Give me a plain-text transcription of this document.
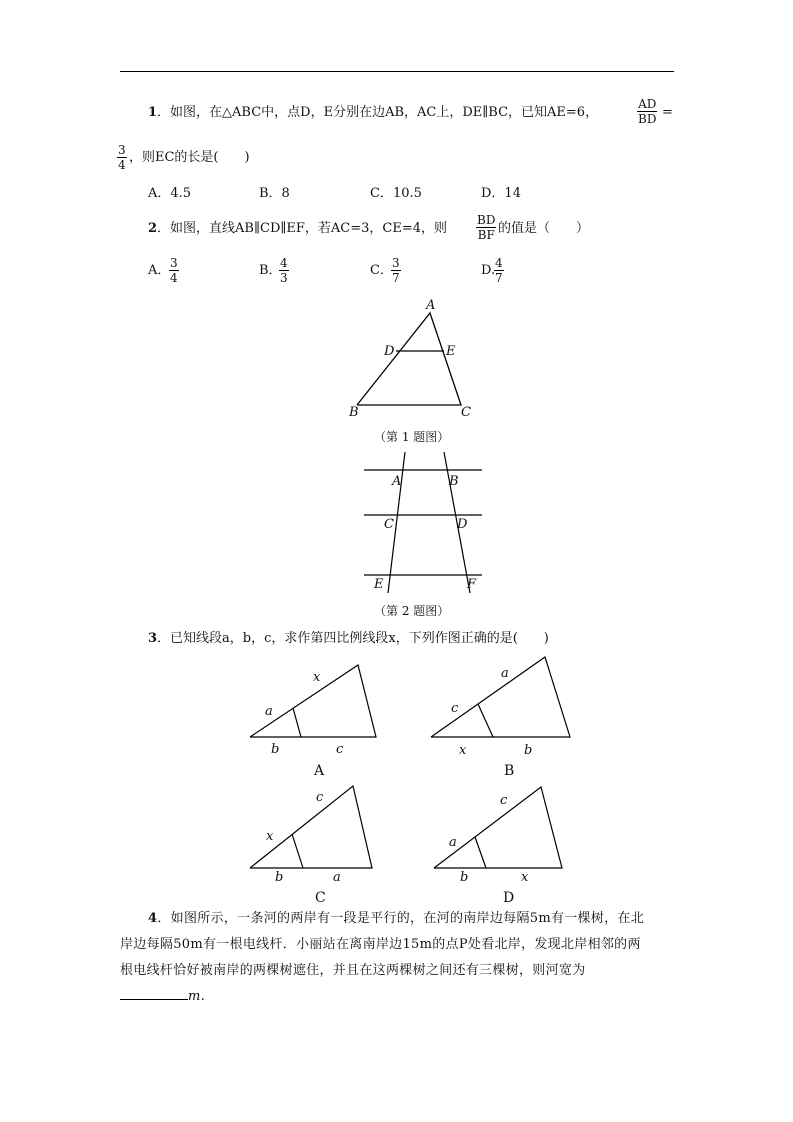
1．如图，在△ABC中，点D，E分别在边AB，AC上，DE∥BC，已知AE=6，	$\frac{AD}{BD}$ =
$\frac{3}{4}$ ，则EC的长是(　　)
A．4.5	B．8	C．10.5	D．14
2．如图，直线AB∥CD∥EF，若AC=3，CE=4，则 $\frac{BD}{BF}$ 的值是（　　）
A．
$\frac{3}{4}$	B．
$\frac{4}{3}$	C．
$\frac{3}{7}$	D.
$\frac{4}{7}$
A
B	C
D	E
（第 1 题图）
A	B
C	D
E	F
（第 2 题图）
3．已知线段a，b，c，求作第四比例线段x，下列作图正确的是(　　)
x
a
b	c
A
a
c
x	b
B
c
x
b	a
C
c
a
b	x
D
4．如图所示，一条河的两岸有一段是平行的，在河的南岸边每隔5m有一棵树，在北
岸边每隔50m有一根电线杆．小丽站在离南岸边15m的点P处看北岸，发现北岸相邻的两
根电线杆恰好被南岸的两棵树遮住，并且在这两棵树之间还有三棵树，则河宽为
m.
